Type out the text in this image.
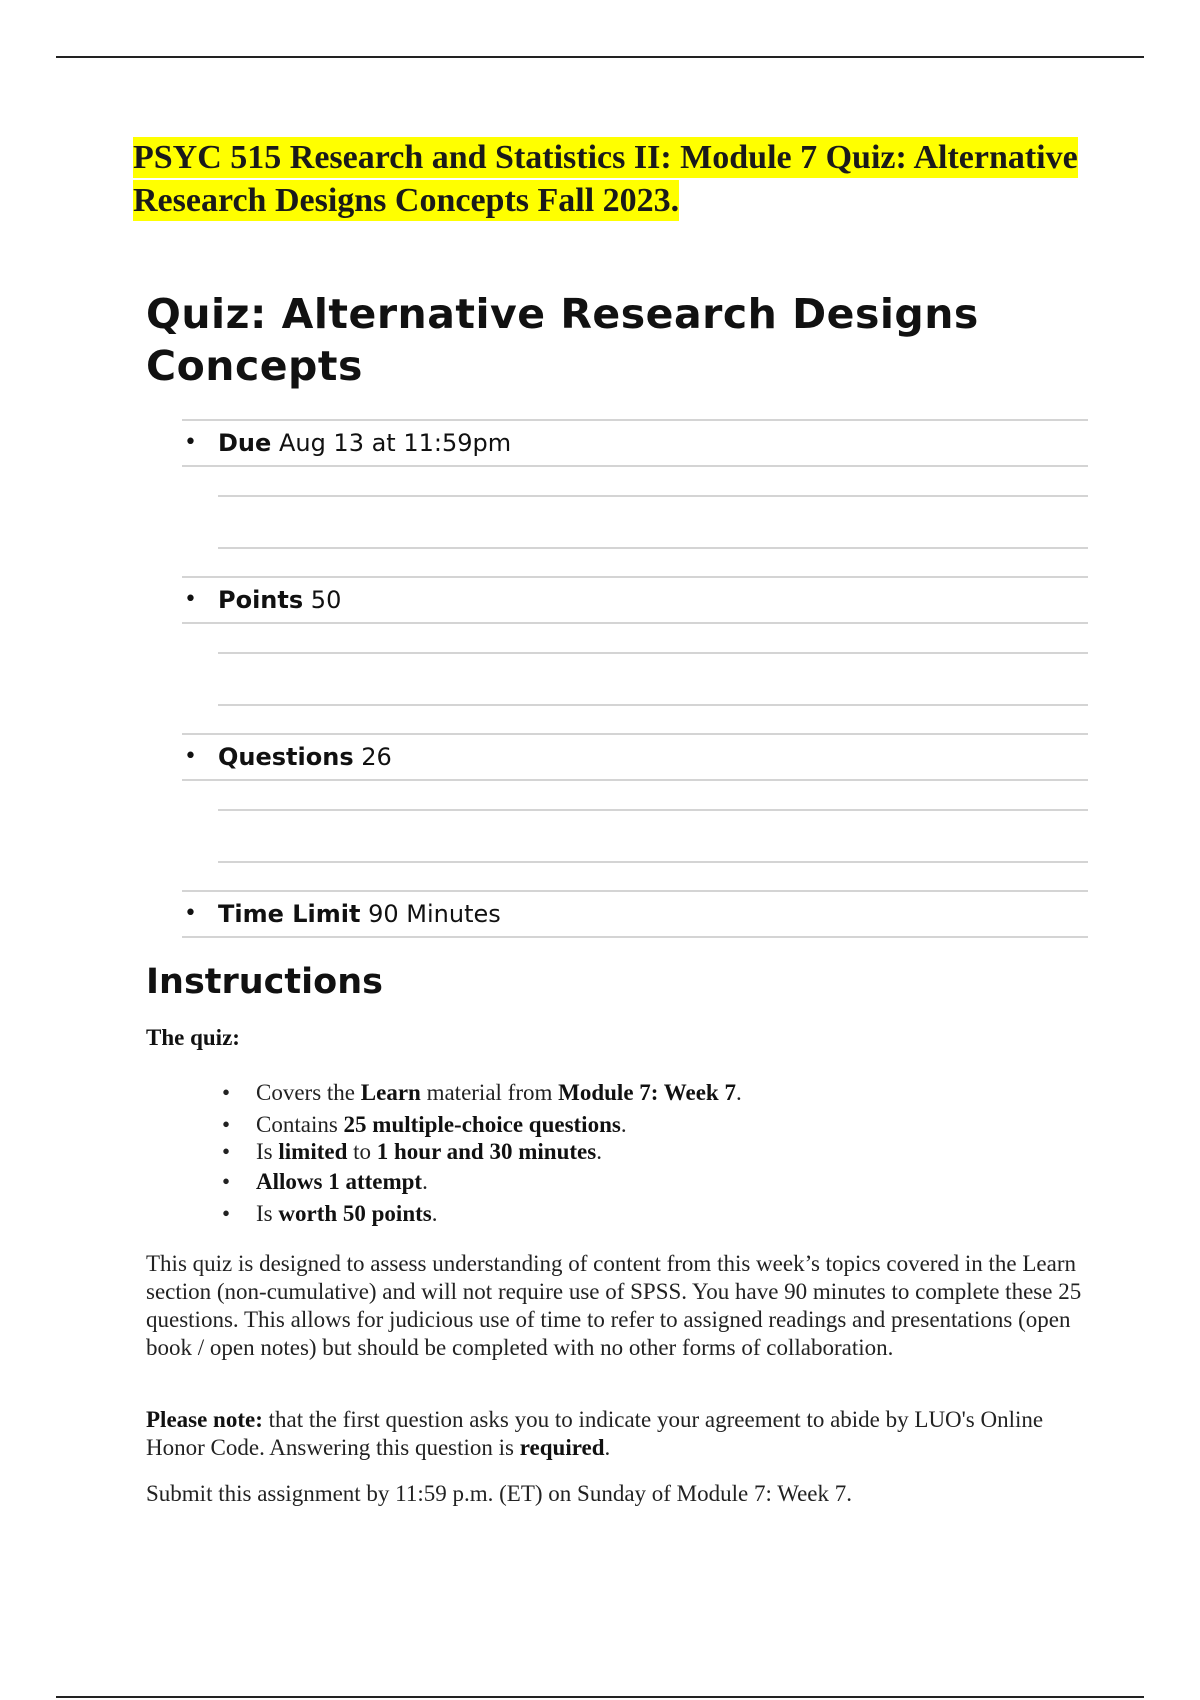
PSYC 515 Research and Statistics II: Module 7 Quiz: Alternative Research Designs Concepts Fall 2023.
Quiz: Alternative Research Designs Concepts
• Due Aug 13 at 11:59pm
• Points 50
• Questions 26
• Time Limit 90 Minutes
Instructions

The quiz:

• Covers the Learn material from Module 7: Week 7.
• Contains 25 multiple-choice questions.
• Is limited to 1 hour and 30 minutes.
• Allows 1 attempt.
• Is worth 50 points.

This quiz is designed to assess understanding of content from this week’s topics covered in the Learn section (non-cumulative) and will not require use of SPSS. You have 90 minutes to complete these 25 questions. This allows for judicious use of time to refer to assigned readings and presentations (open book / open notes) but should be completed with no other forms of collaboration.

Please note: that the first question asks you to indicate your agreement to abide by LUO's Online Honor Code. Answering this question is required.

Submit this assignment by 11:59 p.m. (ET) on Sunday of Module 7: Week 7.
